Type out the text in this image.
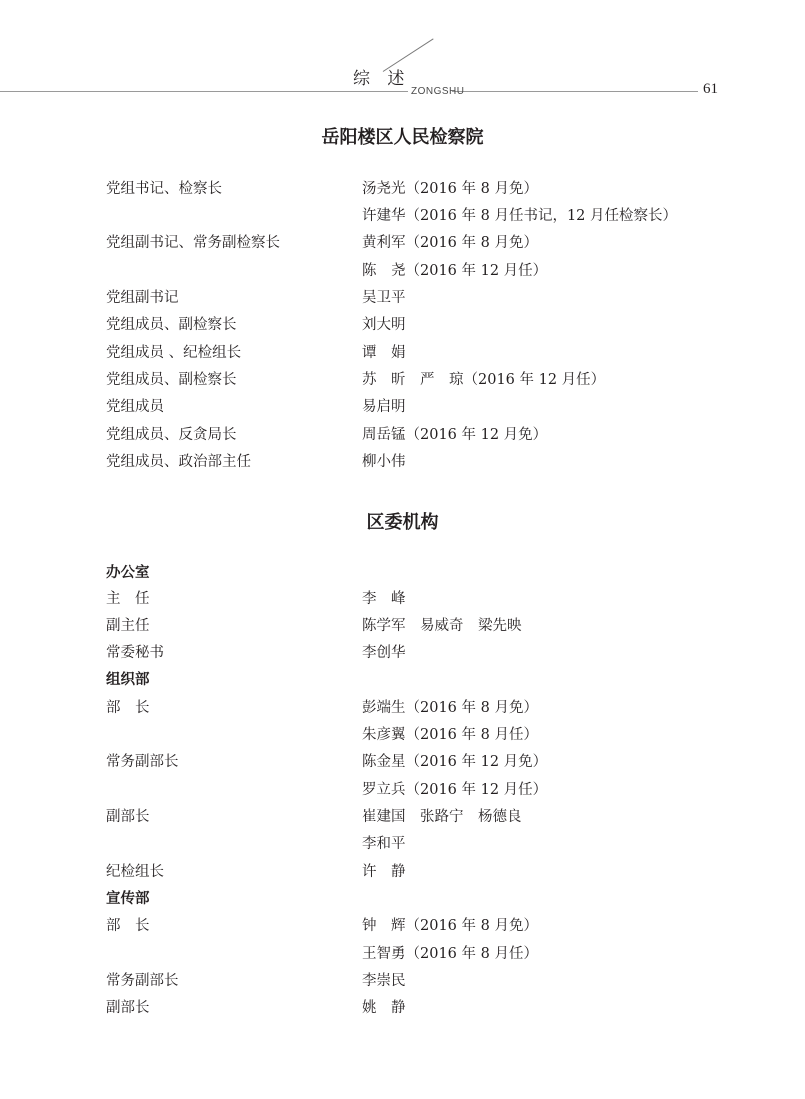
综 述
ZONGSHU	61
岳阳楼区人民检察院
党组书记、检察长	汤尧光（2016 年 8 月免）
许建华（2016 年 8 月任书记，12 月任检察长）
党组副书记、常务副检察长	黄利军（2016 年 8 月免）
陈　尧（2016 年 12 月任）
党组副书记	吴卫平
党组成员、副检察长	刘大明
党组成员 、纪检组长	谭　娟
党组成员、副检察长	苏　昕　严　琼（2016 年 12 月任）
党组成员	易启明
党组成员、反贪局长	周岳锰（2016 年 12 月免）
党组成员、政治部主任	柳小伟
区委机构
办公室
主　任	李　峰
副主任	陈学军　易威奇　梁先映
常委秘书	李创华
组织部
部　长	彭端生（2016 年 8 月免）
朱彦翼（2016 年 8 月任）
常务副部长	陈金星（2016 年 12 月免）
罗立兵（2016 年 12 月任）
副部长	崔建国　张路宁　杨德良
李和平
纪检组长	许　静
宣传部
部　长	钟　辉（2016 年 8 月免）
王智勇（2016 年 8 月任）
常务副部长	李崇民
副部长	姚　静
